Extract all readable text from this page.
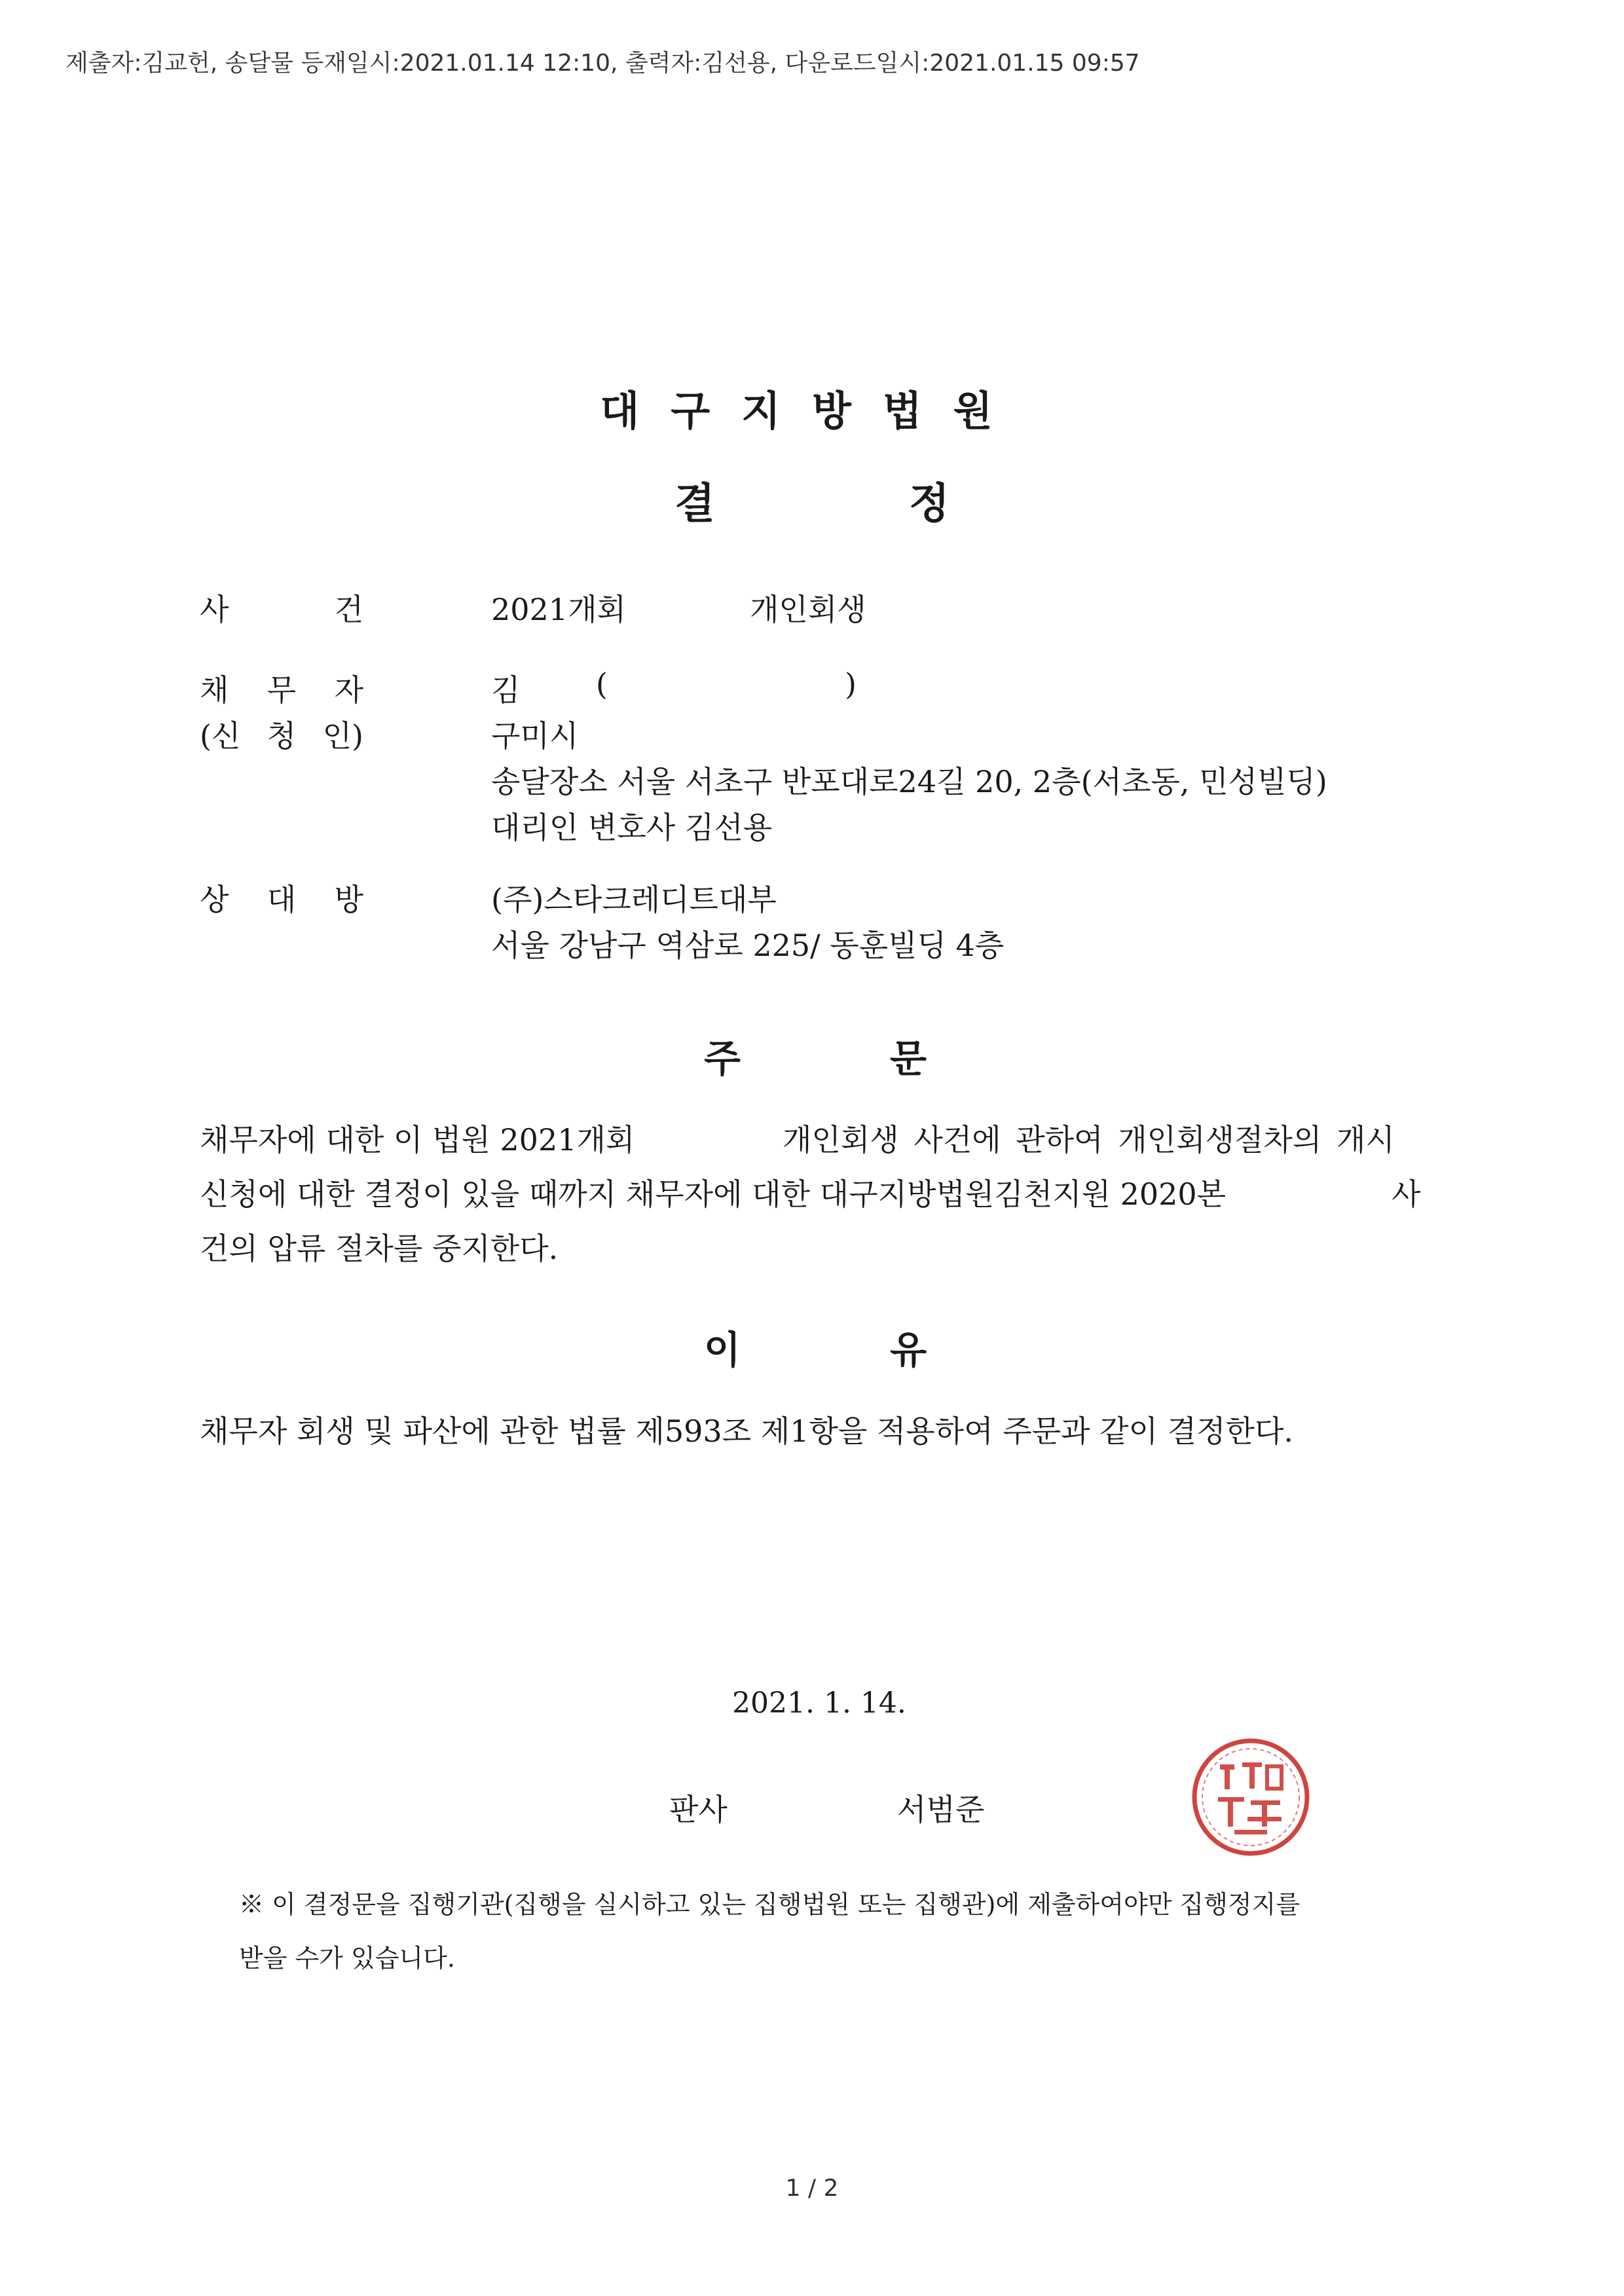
제출자:김교헌, 송달물 등재일시:2021.01.14 12:10, 출력자:김선용, 다운로드일시:2021.01.15 09:57
대구지방법원
결	정
사	건	2021개회	개인회생
채 무 자	김	(	)
(신 청 인)	구미시
송달장소 서울 서초구 반포대로24길 20, 2층(서초동, 민성빌딩)
대리인 변호사 김선용
상 대 방	(주)스타크레디트대부
서울 강남구 역삼로 225/ 동훈빌딩 4층
주	문
채무자에 대한 이 법원 2021개회	개인회생 사건에 관하여 개인회생절차의 개시
신청에 대한 결정이 있을 때까지 채무자에 대한 대구지방법원김천지원 2020본	사
건의 압류 절차를 중지한다.
이	유
채무자 회생 및 파산에 관한 법률 제593조 제1항을 적용하여 주문과 같이 결정한다.
2021. 1. 14.
판사	서범준
※ 이 결정문을 집행기관(집행을 실시하고 있는 집행법원 또는 집행관)에 제출하여야만 집행정지를
받을 수가 있습니다.
1 / 2
